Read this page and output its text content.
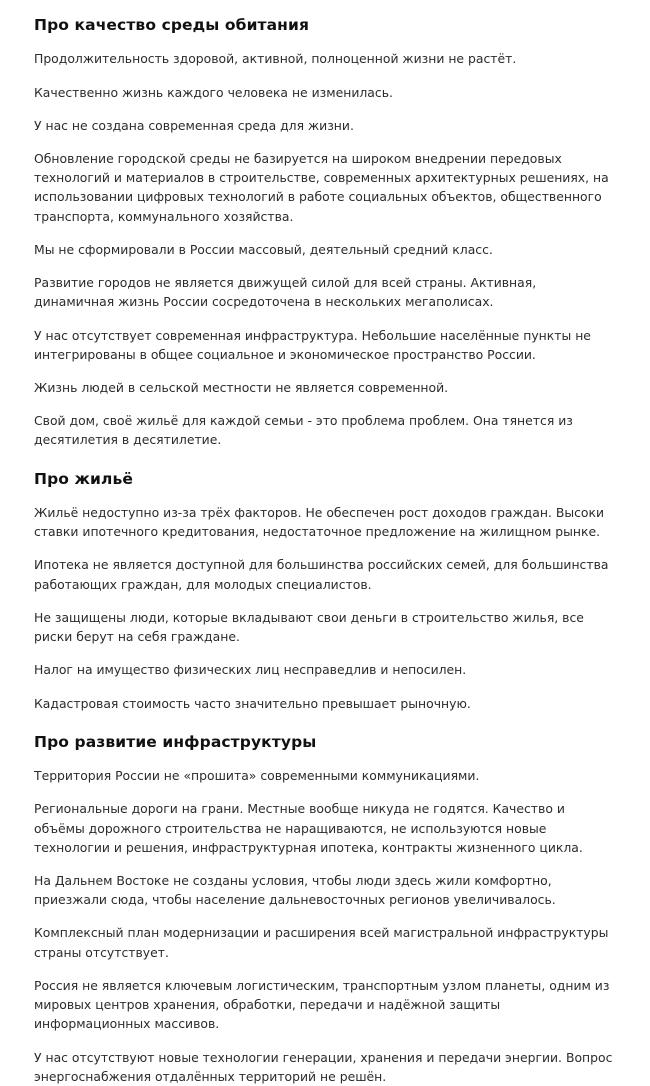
Про качество среды обитания

Продолжительность здоровой, активной, полноценной жизни не растёт.

Качественно жизнь каждого человека не изменилась.

У нас не создана современная среда для жизни.

Обновление городской среды не базируется на широком внедрении передовых технологий и материалов в строительстве, современных архитектурных решениях, на использовании цифровых технологий в работе социальных объектов, общественного транспорта, коммунального хозяйства.

Мы не сформировали в России массовый, деятельный средний класс.

Развитие городов не является движущей силой для всей страны. Активная, динамичная жизнь России сосредоточена в нескольких мегаполисах.

У нас отсутствует современная инфраструктура. Небольшие населённые пункты не интегрированы в общее социальное и экономическое пространство России.

Жизнь людей в сельской местности не является современной.

Свой дом, своё жильё для каждой семьи - это проблема проблем. Она тянется из десятилетия в десятилетие.

Про жильё

Жильё недоступно из-за трёх факторов. Не обеспечен рост доходов граждан. Высоки ставки ипотечного кредитования, недостаточное предложение на жилищном рынке.

Ипотека не является доступной для большинства российских семей, для большинства работающих граждан, для молодых специалистов.

Не защищены люди, которые вкладывают свои деньги в строительство жилья, все риски берут на себя граждане.

Налог на имущество физических лиц несправедлив и непосилен.

Кадастровая стоимость часто значительно превышает рыночную.

Про развитие инфраструктуры

Территория России не «прошита» современными коммуникациями.

Региональные дороги на грани. Местные вообще никуда не годятся. Качество и объёмы дорожного строительства не наращиваются, не используются новые технологии и решения, инфраструктурная ипотека, контракты жизненного цикла.

На Дальнем Востоке не созданы условия, чтобы люди здесь жили комфортно, приезжали сюда, чтобы население дальневосточных регионов увеличивалось.

Комплексный план модернизации и расширения всей магистральной инфраструктуры страны отсутствует.

Россия не является ключевым логистическим, транспортным узлом планеты, одним из мировых центров хранения, обработки, передачи и надёжной защиты информационных массивов.

У нас отсутствуют новые технологии генерации, хранения и передачи энергии. Вопрос энергоснабжения отдалённых территорий не решён.
